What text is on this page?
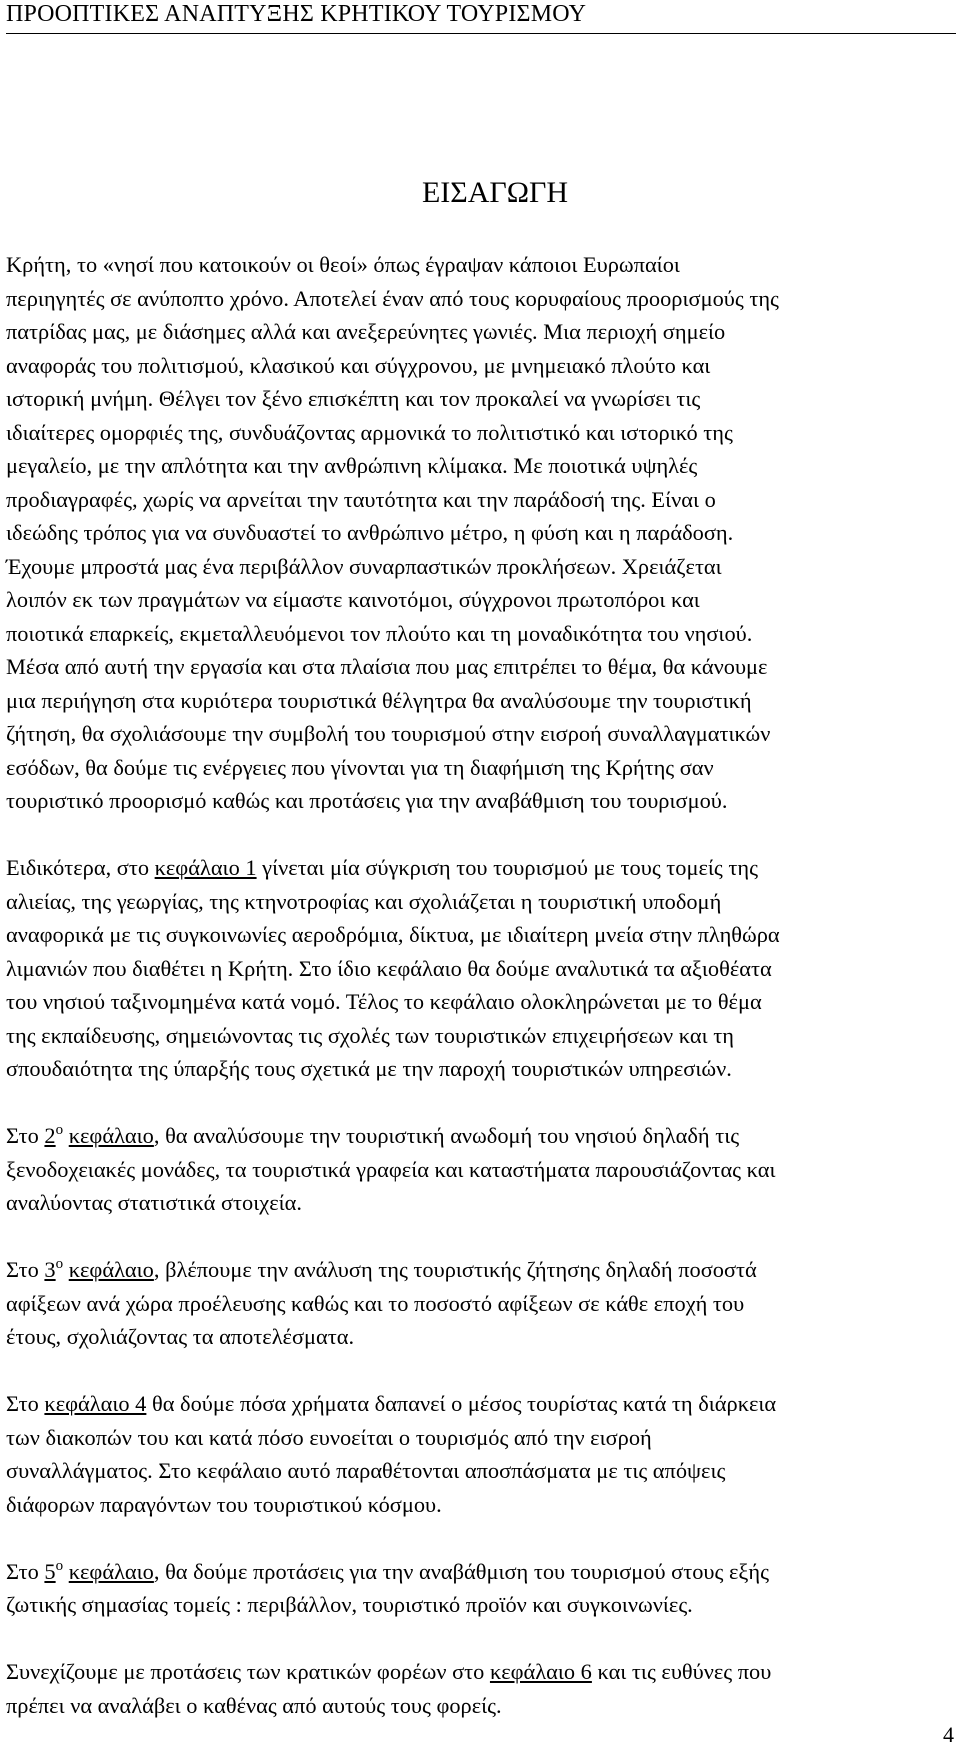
ΠΡΟΟΠΤΙΚΕΣ ΑΝΑΠΤΥΞΗΣ ΚΡΗΤΙΚΟΥ ΤΟΥΡΙΣΜΟΥ
ΕΙΣΑΓΩΓΗ

Κρήτη, το «νησί που κατοικούν οι θεοί» όπως έγραψαν κάποιοι Ευρωπαίοι
περιηγητές σε ανύποπτο χρόνο. Αποτελεί έναν από τους κορυφαίους προορισμούς της
πατρίδας μας, με διάσημες αλλά και ανεξερεύνητες γωνιές. Μια περιοχή σημείο
αναφοράς του πολιτισμού, κλασικού και σύγχρονου, με μνημειακό πλούτο και
ιστορική μνήμη. Θέλγει τον ξένο επισκέπτη και τον προκαλεί να γνωρίσει τις
ιδιαίτερες ομορφιές της, συνδυάζοντας αρμονικά το πολιτιστικό και ιστορικό της
μεγαλείο, με την απλότητα και την ανθρώπινη κλίμακα. Με ποιοτικά υψηλές
προδιαγραφές, χωρίς να αρνείται την ταυτότητα και την παράδοσή της. Είναι ο
ιδεώδης τρόπος για να συνδυαστεί το ανθρώπινο μέτρο, η φύση και η παράδοση.
Έχουμε μπροστά μας ένα περιβάλλον συναρπαστικών προκλήσεων. Χρειάζεται
λοιπόν εκ των πραγμάτων να είμαστε καινοτόμοι, σύγχρονοι πρωτοπόροι και
ποιοτικά επαρκείς, εκμεταλλευόμενοι τον πλούτο και τη μοναδικότητα του νησιού.
Μέσα από αυτή την εργασία και στα πλαίσια που μας επιτρέπει το θέμα, θα κάνουμε
μια περιήγηση στα κυριότερα τουριστικά θέλγητρα θα αναλύσουμε την τουριστική
ζήτηση, θα σχολιάσουμε την συμβολή του τουρισμού στην εισροή συναλλαγματικών
εσόδων, θα δούμε τις ενέργειες που γίνονται για τη διαφήμιση της Κρήτης σαν
τουριστικό προορισμό καθώς και προτάσεις για την αναβάθμιση του τουρισμού.

Ειδικότερα, στο κεφάλαιο 1 γίνεται μία σύγκριση του τουρισμού με τους τομείς της
αλιείας, της γεωργίας, της κτηνοτροφίας και σχολιάζεται η τουριστική υποδομή
αναφορικά με τις συγκοινωνίες αεροδρόμια, δίκτυα, με ιδιαίτερη μνεία στην πληθώρα
λιμανιών που διαθέτει η Κρήτη. Στο ίδιο κεφάλαιο θα δούμε αναλυτικά τα αξιοθέατα
του νησιού ταξινομημένα κατά νομό. Τέλος το κεφάλαιο ολοκληρώνεται με το θέμα
της εκπαίδευσης, σημειώνοντας τις σχολές των τουριστικών επιχειρήσεων και τη
σπουδαιότητα της ύπαρξής τους σχετικά με την παροχή τουριστικών υπηρεσιών.

Στο $2^o$ κεφάλαιο, θα αναλύσουμε την τουριστική ανωδομή του νησιού δηλαδή τις
ξενοδοχειακές μονάδες, τα τουριστικά γραφεία και καταστήματα παρουσιάζοντας και
αναλύοντας στατιστικά στοιχεία.

Στο $3^o$ κεφάλαιο, βλέπουμε την ανάλυση της τουριστικής ζήτησης δηλαδή ποσοστά
αφίξεων ανά χώρα προέλευσης καθώς και το ποσοστό αφίξεων σε κάθε εποχή του
έτους, σχολιάζοντας τα αποτελέσματα.

Στο κεφάλαιο 4 θα δούμε πόσα χρήματα δαπανεί ο μέσος τουρίστας κατά τη διάρκεια
των διακοπών του και κατά πόσο ευνοείται ο τουρισμός από την εισροή
συναλλάγματος. Στο κεφάλαιο αυτό παραθέτονται αποσπάσματα με τις απόψεις
διάφορων παραγόντων του τουριστικού κόσμου.

Στο $5^o$ κεφάλαιο, θα δούμε προτάσεις για την αναβάθμιση του τουρισμού στους εξής
ζωτικής σημασίας τομείς : περιβάλλον, τουριστικό προϊόν και συγκοινωνίες.

Συνεχίζουμε με προτάσεις των κρατικών φορέων στο κεφάλαιο 6 και τις ευθύνες που
πρέπει να αναλάβει ο καθένας από αυτούς τους φορείς.

4
